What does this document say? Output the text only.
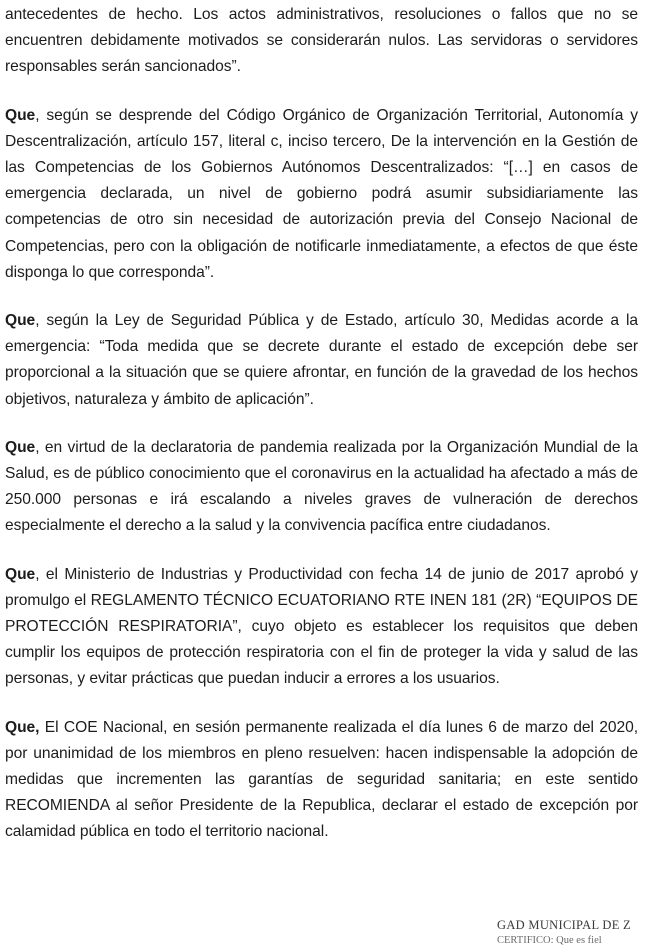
antecedentes de hecho. Los actos administrativos, resoluciones o fallos que no se encuentren debidamente motivados se considerarán nulos. Las servidoras o servidores responsables serán sancionados”.

Que, según se desprende del Código Orgánico de Organización Territorial, Autonomía y Descentralización, artículo 157, literal c, inciso tercero, De la intervención en la Gestión de las Competencias de los Gobiernos Autónomos Descentralizados: “[…] en casos de emergencia declarada, un nivel de gobierno podrá asumir subsidiariamente las competencias de otro sin necesidad de autorización previa del Consejo Nacional de Competencias, pero con la obligación de notificarle inmediatamente, a efectos de que éste disponga lo que corresponda”.

Que, según la Ley de Seguridad Pública y de Estado, artículo 30, Medidas acorde a la emergencia: “Toda medida que se decrete durante el estado de excepción debe ser proporcional a la situación que se quiere afrontar, en función de la gravedad de los hechos objetivos, naturaleza y ámbito de aplicación”.

Que, en virtud de la declaratoria de pandemia realizada por la Organización Mundial de la Salud, es de público conocimiento que el coronavirus en la actualidad ha afectado a más de 250.000 personas e irá escalando a niveles graves de vulneración de derechos especialmente el derecho a la salud y la convivencia pacífica entre ciudadanos.

Que, el Ministerio de Industrias y Productividad con fecha 14 de junio de 2017 aprobó y promulgo el REGLAMENTO TÉCNICO ECUATORIANO RTE INEN 181 (2R) “EQUIPOS DE PROTECCIÓN RESPIRATORIA”, cuyo objeto es establecer los requisitos que deben cumplir los equipos de protección respiratoria con el fin de proteger la vida y salud de las personas, y evitar prácticas que puedan inducir a errores a los usuarios.

Que, El COE Nacional, en sesión permanente realizada el día lunes 6 de marzo del 2020, por unanimidad de los miembros en pleno resuelven: hacen indispensable la adopción de medidas que incrementen las garantías de seguridad sanitaria; en este sentido RECOMIENDA al señor Presidente de la Republica, declarar el estado de excepción por calamidad pública en todo el territorio nacional.

GAD MUNICIPAL DE Z
CERTIFICO: Que es fiel
